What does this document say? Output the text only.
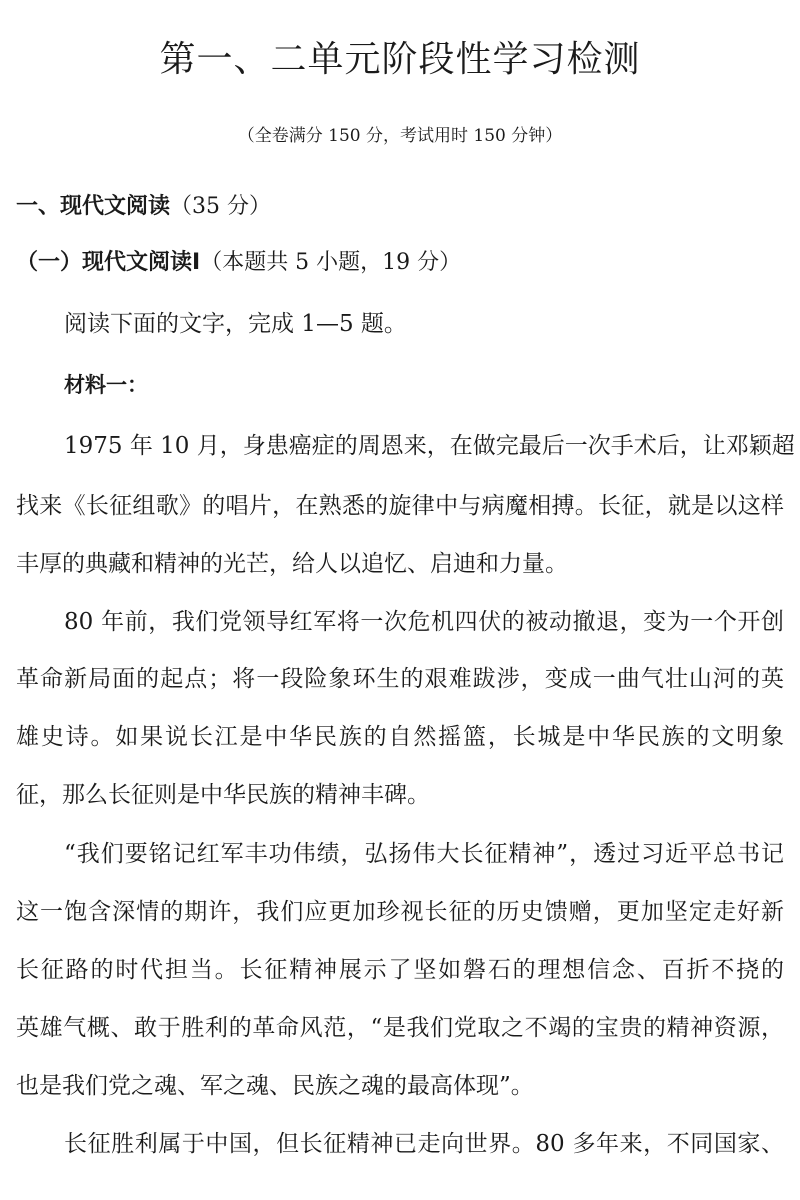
第一、二单元阶段性学习检测
（全卷满分 150 分，考试用时 150 分钟）
一、现代文阅读（35 分）
（一）现代文阅读Ⅰ（本题共 5 小题，19 分）
阅读下面的文字，完成 1—5 题。
材料一：
1975 年 10 月，身患癌症的周恩来，在做完最后一次手术后，让邓颖超
找来《长征组歌》的唱片，在熟悉的旋律中与病魔相搏。长征，就是以这样
丰厚的典藏和精神的光芒，给人以追忆、启迪和力量。
80 年前，我们党领导红军将一次危机四伏的被动撤退，变为一个开创
革命新局面的起点；将一段险象环生的艰难跋涉，变成一曲气壮山河的英
雄史诗。如果说长江是中华民族的自然摇篮，长城是中华民族的文明象
征，那么长征则是中华民族的精神丰碑。
“我们要铭记红军丰功伟绩，弘扬伟大长征精神”，透过习近平总书记
这一饱含深情的期许，我们应更加珍视长征的历史馈赠，更加坚定走好新
长征路的时代担当。长征精神展示了坚如磐石的理想信念、百折不挠的
英雄气概、敢于胜利的革命风范，“是我们党取之不竭的宝贵的精神资源，
也是我们党之魂、军之魂、民族之魂的最高体现”。
长征胜利属于中国，但长征精神已走向世界。80 多年来，不同国家、
